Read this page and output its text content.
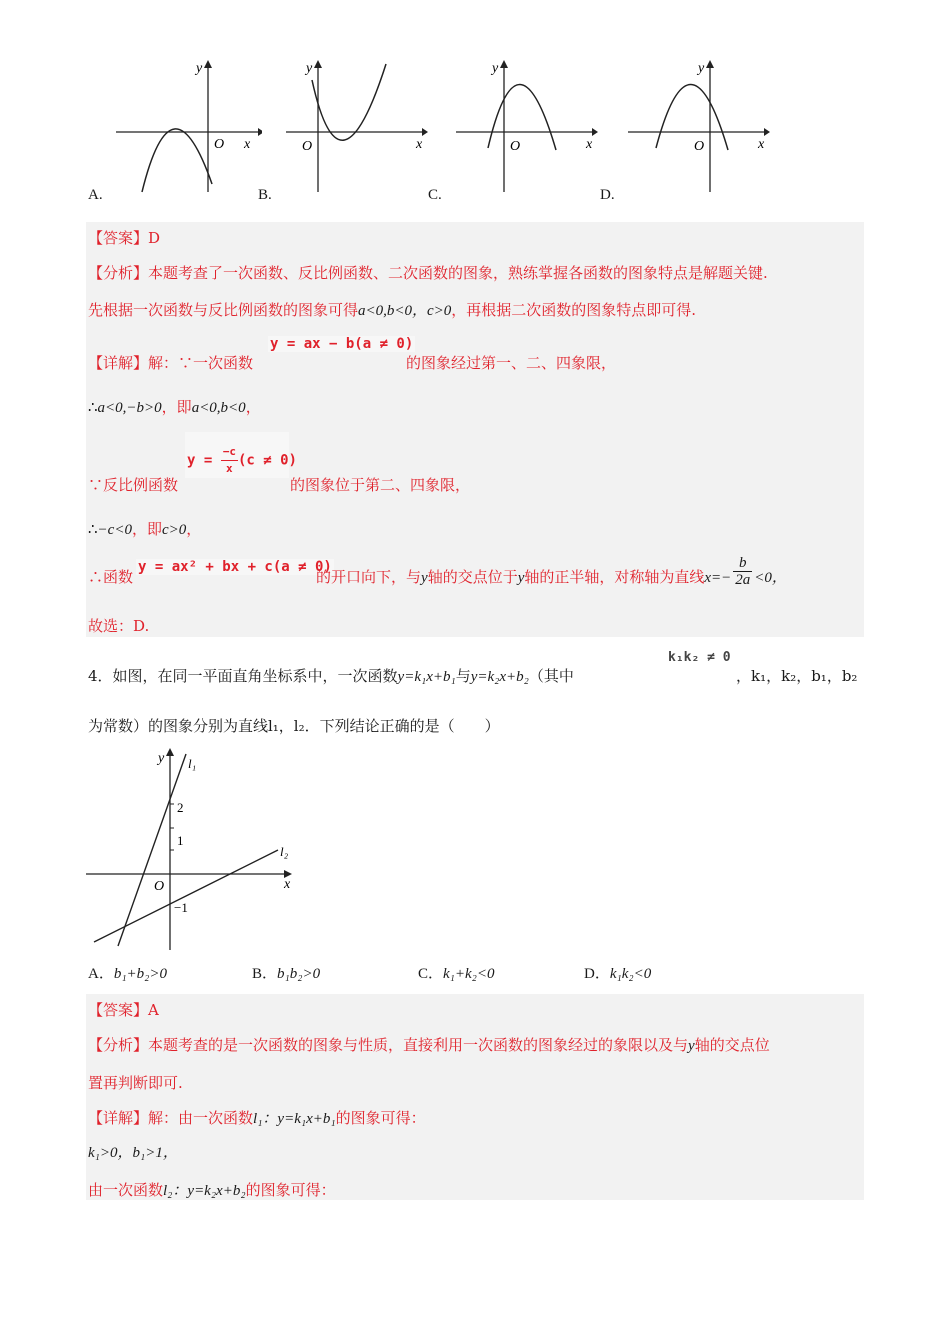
y
x
O
A.
y
x
O
B.
y
x
O
C.
y
x
O
D.
【答案】D
【分析】本题考查了一次函数、反比例函数、二次函数的图象，熟练掌握各函数的图象特点是解题关键.
先根据一次函数与反比例函数的图象可得a<0,b<0，c>0，再根据二次函数的图象特点即可得.
【详解】解：∵一次函数
y = ax − b(a ≠ 0)
的图象经过第一、二、四象限，
∴a<0,−b>0，即a<0,b<0，
$y = \frac{-c}{x} (c \ne 0)$
∵反比例函数	的图象位于第二、四象限，
∴−c<0，即c>0，
∴函数
y = ax² + bx + c(a ≠ 0)
的开口向下，与y轴的交点位于y轴的正半轴，对称轴为直线$x=- \frac{b}{2a} <0$，
故选：D.
4．如图，在同一平面直角坐标系中，一次函数y=k₁x+b₁与y=k₂x+b₂（其中
k₁k₂ ≠ 0
，k₁，k₂，b₁，b₂
为常数）的图象分别为直线l₁，l₂．下列结论正确的是（　　）
y
x
O
l₁
l₂
2
1
−1
A．b₁+b₂>0	B．b₁b₂>0	C．k₁+k₂<0	D．k₁k₂<0
【答案】A
【分析】本题考查的是一次函数的图象与性质，直接利用一次函数的图象经过的象限以及与y轴的交点位
置再判断即可.
【详解】解：由一次函数l₁：y=k₁x+b₁的图象可得：
k₁>0，b₁>1，
由一次函数l₂：y=k₂x+b₂的图象可得：
